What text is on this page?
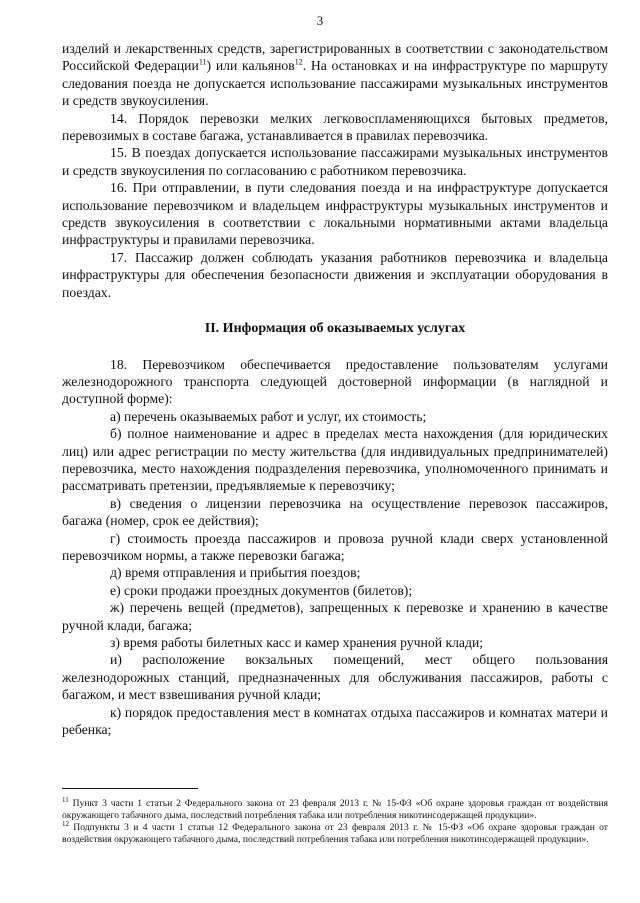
3

изделий и лекарственных средств, зарегистрированных в соответствии с законодательством Российской Федерации$^{11}$) или кальянов$^{12}$. На остановках и на инфраструктуре по маршруту следования поезда не допускается использование пассажирами музыкальных инструментов и средств звукоусиления.

14. Порядок перевозки мелких легковоспламеняющихся бытовых предметов, перевозимых в составе багажа, устанавливается в правилах перевозчика.

15. В поездах допускается использование пассажирами музыкальных инструментов и средств звукоусиления по согласованию с работником перевозчика.

16. При отправлении, в пути следования поезда и на инфраструктуре допускается использование перевозчиком и владельцем инфраструктуры музыкальных инструментов и средств звукоусиления в соответствии с локальными нормативными актами владельца инфраструктуры и правилами перевозчика.

17. Пассажир должен соблюдать указания работников перевозчика и владельца инфраструктуры для обеспечения безопасности движения и эксплуатации оборудования в поездах.

II. Информация об оказываемых услугах

18. Перевозчиком обеспечивается предоставление пользователям услугами железнодорожного транспорта следующей достоверной информации (в наглядной и доступной форме):

а) перечень оказываемых работ и услуг, их стоимость;

б) полное наименование и адрес в пределах места нахождения (для юридических лиц) или адрес регистрации по месту жительства (для индивидуальных предпринимателей) перевозчика, место нахождения подразделения перевозчика, уполномоченного принимать и рассматривать претензии, предъявляемые к перевозчику;

в) сведения о лицензии перевозчика на осуществление перевозок пассажиров, багажа (номер, срок ее действия);

г) стоимость проезда пассажиров и провоза ручной клади сверх установленной перевозчиком нормы, а также перевозки багажа;

д) время отправления и прибытия поездов;

е) сроки продажи проездных документов (билетов);

ж) перечень вещей (предметов), запрещенных к перевозке и хранению в качестве ручной клади, багажа;

з) время работы билетных касс и камер хранения ручной клади;

и) расположение вокзальных помещений, мест общего пользования железнодорожных станций, предназначенных для обслуживания пассажиров, работы с багажом, и мест взвешивания ручной клади;

к) порядок предоставления мест в комнатах отдыха пассажиров и комнатах матери и ребенка;

$^{11}$ Пункт 3 части 1 статьи 2 Федерального закона от 23 февраля 2013 г. № 15-ФЗ «Об охране здоровья граждан от воздействия окружающего табачного дыма, последствий потребления табака или потребления никотинсодержащей продукции».

$^{12}$ Подпункты 3 и 4 части 1 статьи 12 Федерального закона от 23 февраля 2013 г. № 15-ФЗ «Об охране здоровья граждан от воздействия окружающего табачного дыма, последствий потребления табака или потребления никотинсодержащей продукции».
